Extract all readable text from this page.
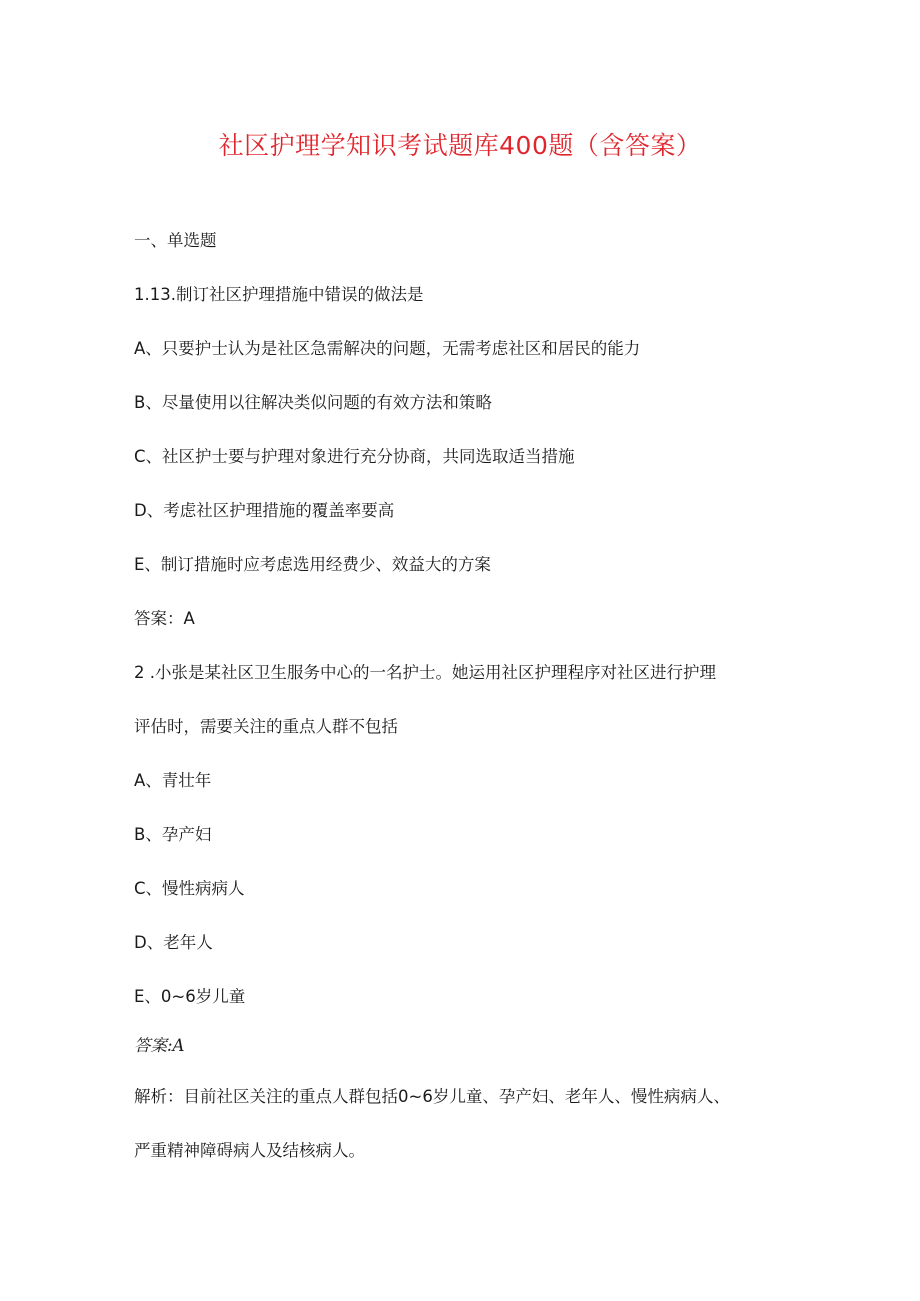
社区护理学知识考试题库400题（含答案）
一、单选题
1.13.制订社区护理措施中错误的做法是
A、只要护士认为是社区急需解决的问题，无需考虑社区和居民的能力
B、尽量使用以往解决类似问题的有效方法和策略
C、社区护士要与护理对象进行充分协商，共同选取适当措施
D、考虑社区护理措施的覆盖率要高
E、制订措施时应考虑选用经费少、效益大的方案
答案：A
2 .小张是某社区卫生服务中心的一名护士。她运用社区护理程序对社区进行护理
评估时，需要关注的重点人群不包括
A、青壮年
B、孕产妇
C、慢性病病人
D、老年人
E、0~6岁儿童
答案:A
解析：目前社区关注的重点人群包括0~6岁儿童、孕产妇、老年人、慢性病病人、
严重精神障碍病人及结核病人。
